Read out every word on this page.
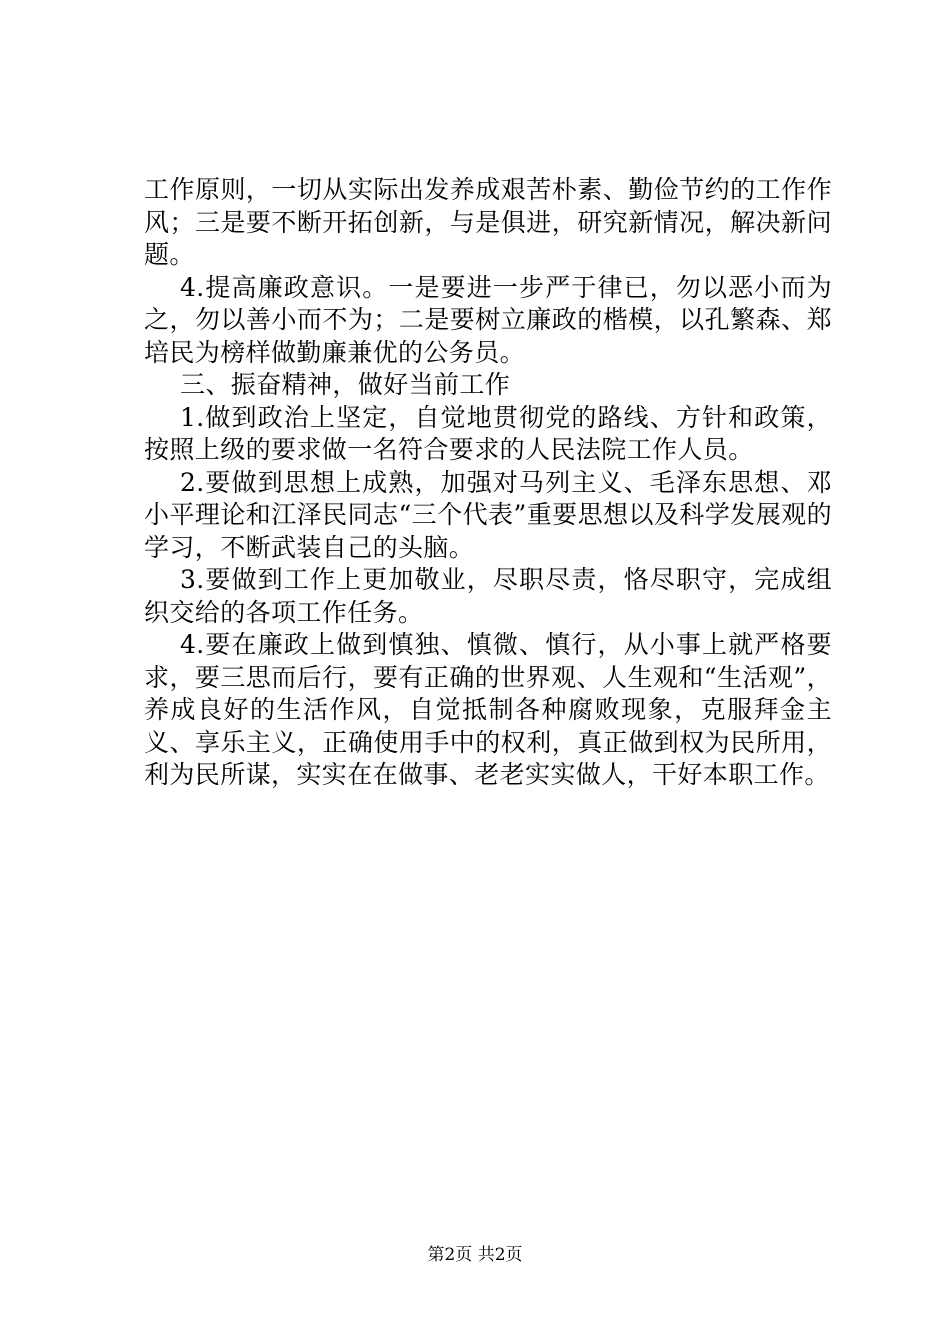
工作原则，一切从实际出发养成艰苦朴素、勤俭节约的工作作风；三是要不断开拓创新，与是俱进，研究新情况，解决新问题。

4.提高廉政意识。一是要进一步严于律已，勿以恶小而为之，勿以善小而不为；二是要树立廉政的楷模，以孔繁森、郑培民为榜样做勤廉兼优的公务员。

三、振奋精神，做好当前工作

1.做到政治上坚定，自觉地贯彻党的路线、方针和政策，按照上级的要求做一名符合要求的人民法院工作人员。

2.要做到思想上成熟，加强对马列主义、毛泽东思想、邓小平理论和江泽民同志“三个代表”重要思想以及科学发展观的学习，不断武装自己的头脑。

3.要做到工作上更加敬业，尽职尽责，恪尽职守，完成组织交给的各项工作任务。

4.要在廉政上做到慎独、慎微、慎行，从小事上就严格要求，要三思而后行，要有正确的世界观、人生观和“生活观”，养成良好的生活作风，自觉抵制各种腐败现象，克服拜金主义、享乐主义，正确使用手中的权利，真正做到权为民所用，利为民所谋，实实在在做事、老老实实做人，干好本职工作。

第2页 共2页
